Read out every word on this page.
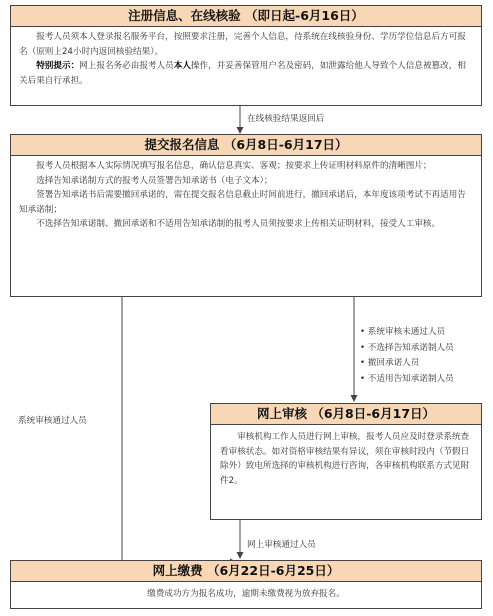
注册信息、在线核验 （即日起-6月16日）

报考人员须本人登录报名服务平台，按照要求注册，完善个人信息，待系统在线核验身份、学历学位信息后方可报名（原则上24小时内返回核验结果）。

特别提示：网上报名务必由报考人员本人操作，并妥善保管用户名及密码，如泄露给他人导致个人信息被篡改，相关后果自行承担。

在线核验结果返回后
提交报名信息 （6月8日-6月17日）

报考人员根据本人实际情况填写报名信息，确认信息真实、客观；按要求上传证明材料原件的清晰图片；

选择告知承诺制方式的报考人员签署告知承诺书（电子文本）；

签署告知承诺书后需要撤回承诺的，需在提交报名信息截止时间前进行，撤回承诺后，本年度该项考试不再适用告知承诺制；

不选择告知承诺制、撤回承诺和不适用告知承诺制的报考人员须按要求上传相关证明材料，接受人工审核。

• 系统审核未通过人员
• 不选择告知承诺制人员
• 撤回承诺人员
• 不适用告知承诺制人员
系统审核通过人员	网上审核 （6月8日-6月17日）

审核机构工作人员进行网上审核，报考人员应及时登录系统查看审核状态。如对资格审核结果有异议，须在审核时段内（节假日除外）致电所选择的审核机构进行咨询，各审核机构联系方式见附件2。

网上审核通过人员
网上缴费 （6月22日-6月25日）
缴费成功方为报名成功，逾期未缴费视为放弃报名。
